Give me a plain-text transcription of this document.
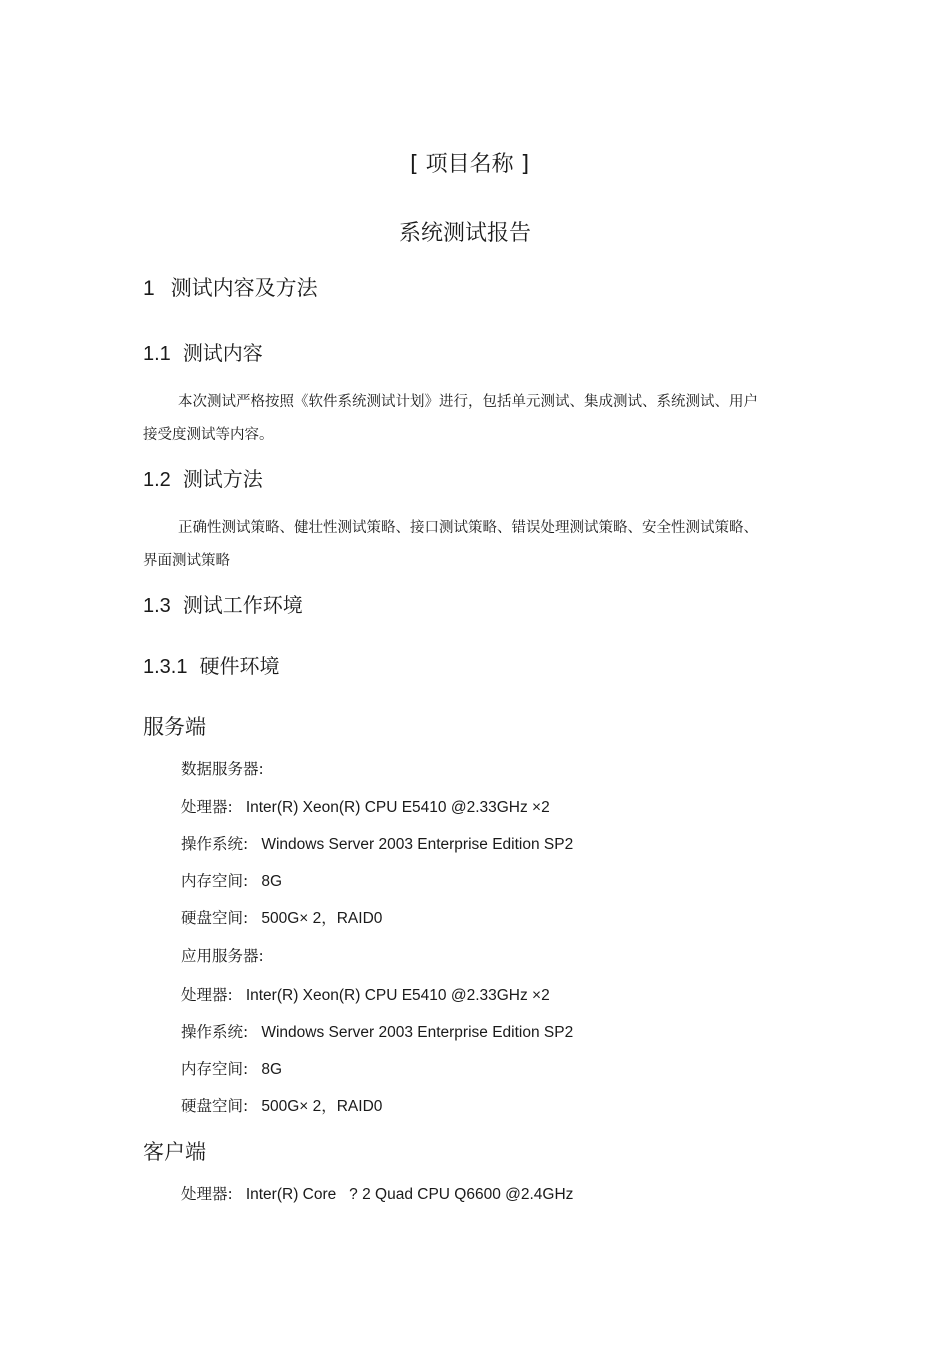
[ 项目名称 ]
系统测试报告
1 测试内容及方法
1.1 测试内容
本次测试严格按照《软件系统测试计划》进行，包括单元测试、集成测试、系统测试、用户接受度测试等内容。
1.2 测试方法
正确性测试策略、健壮性测试策略、接口测试策略、错误处理测试策略、安全性测试策略、界面测试策略
1.3 测试工作环境
1.3.1 硬件环境
服务端
数据服务器:
处理器: Inter(R) Xeon(R) CPU E5410 @2.33GHz ×2
操作系统: Windows Server 2003 Enterprise Edition SP2
内存空间: 8G
硬盘空间: 500G× 2，RAID0
应用服务器:
处理器: Inter(R) Xeon(R) CPU E5410 @2.33GHz ×2
操作系统: Windows Server 2003 Enterprise Edition SP2
内存空间: 8G
硬盘空间: 500G× 2，RAID0
客户端
处理器: Inter(R) Core   ? 2 Quad CPU Q6600 @2.4GHz
